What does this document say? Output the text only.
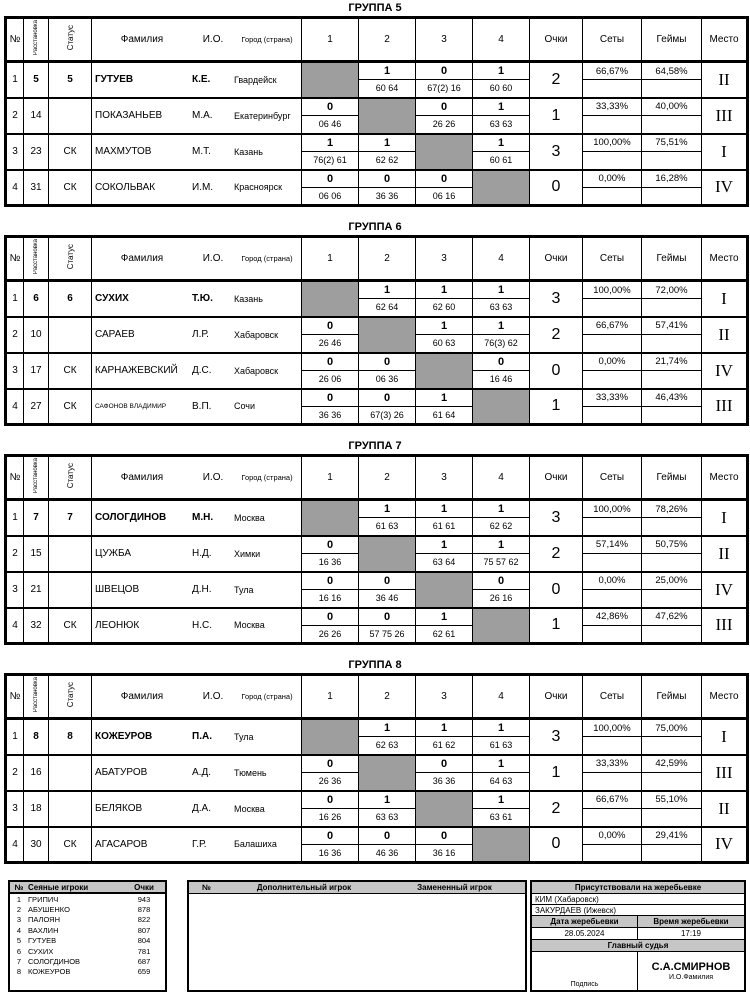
ГРУППА 5
№	Расстановка	Статус	Фамилия И.О. Город (страна)	1	2	3	4	Очки	Сеты	Геймы	Место
1	5	5	ГУТУЕВ К.Е. Гвардейск		1	0	1	2	66,67%	64,58%	II
					60 64	67(2) 16	60 60				
2	14		ПОКАЗАНЬЕВ М.А. Екатеринбург	0		0	1	1	33,33%	40,00%	III
				06 46		26 26	63 63				
3	23	СК	МАХМУТОВ М.Т. Казань	1	1		1	3	100,00%	75,51%	I
				76(2) 61	62 62		60 61				
4	31	СК	СОКОЛЬВАК И.М. Красноярск	0	0	0		0	0,00%	16,28%	IV
				06 06	36 36	06 16					
ГРУППА 6
№	Расстановка	Статус	Фамилия И.О. Город (страна)	1	2	3	4	Очки	Сеты	Геймы	Место
1	6	6	СУХИХ Т.Ю. Казань		1	1	1	3	100,00%	72,00%	I
					62 64	62 60	63 63				
2	10		САРАЕВ Л.Р. Хабаровск	0		1	1	2	66,67%	57,41%	II
				26 46		60 63	76(3) 62				
3	17	СК	КАРНАЖЕВСКИЙ Д.С. Хабаровск	0	0		0	0	0,00%	21,74%	IV
				26 06	06 36		16 46				
4	27	СК	САФОНОВ ВЛАДИМИР В.П. Сочи	0	0	1		1	33,33%	46,43%	III
				36 36	67(3) 26	61 64					
ГРУППА 7
№	Расстановка	Статус	Фамилия И.О. Город (страна)	1	2	3	4	Очки	Сеты	Геймы	Место
1	7	7	СОЛОГДИНОВ М.Н. Москва		1	1	1	3	100,00%	78,26%	I
					61 63	61 61	62 62				
2	15		ЦУЖБА Н.Д. Химки	0		1	1	2	57,14%	50,75%	II
				16 36		63 64	75 57 62				
3	21		ШВЕЦОВ Д.Н. Тула	0	0		0	0	0,00%	25,00%	IV
				16 16	36 46		26 16				
4	32	СК	ЛЕОНЮК Н.С. Москва	0	0	1		1	42,86%	47,62%	III
				26 26	57 75 26	62 61					
ГРУППА 8
№	Расстановка	Статус	Фамилия И.О. Город (страна)	1	2	3	4	Очки	Сеты	Геймы	Место
1	8	8	КОЖЕУРОВ П.А. Тула		1	1	1	3	100,00%	75,00%	I
					62 63	61 62	61 63				
2	16		АБАТУРОВ А.Д. Тюмень	0		0	1	1	33,33%	42,59%	III
				26 36		36 36	64 63				
3	18		БЕЛЯКОВ Д.А. Москва	0	1		1	2	66,67%	55,10%	II
				16 26	63 63		63 61				
4	30	СК	АГАСАРОВ Г.Р. Балашиха	0	0	0		0	0,00%	29,41%	IV
				16 36	46 36	36 16					
№ Сеяные игроки	Очки
1 ГРИПИЧ	943
2 АБУШЕНКО	878
3 ПАЛОЯН	822
4 ВАХЛИН	807
5 ГУТУЕВ	804
6 СУХИХ	781
7 СОЛОГДИНОВ	687
8 КОЖЕУРОВ	659
№	Дополнительный игрок	Замененный игрок	Присутствовали на жеребьевке
КИМ (Хабаровск)
ЗАКУРДАЕВ (Ижевск)
Дата жеребьевки	Время жеребьевки
28.05.2024	17:19
Главный судья
Подпись
С.А.СМИРНОВ
И.О.Фамилия
